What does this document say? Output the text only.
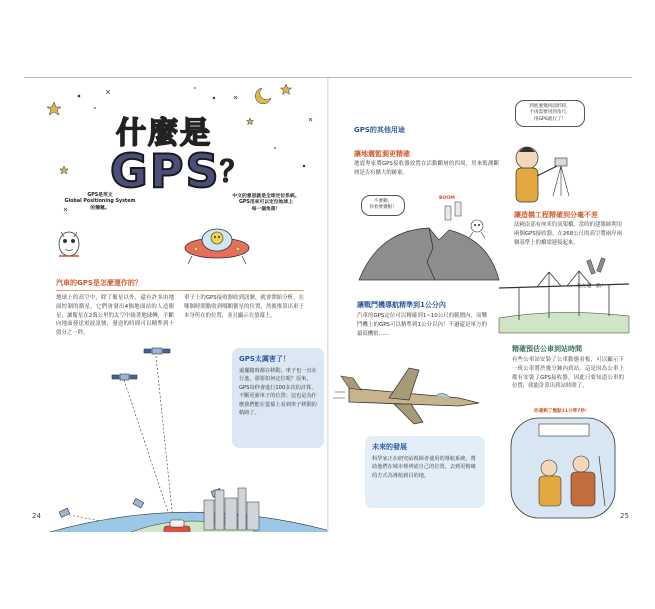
什麼是
GPS ？
GPS是英文
Global Positioning System
的簡稱。
中文的意思就是全球定位系統。
GPS用來可以定位地球上
每一個角落！
汽車的GPS是怎麼運作的？
地球上的高空中，除了衛星以外，還有許多由地面控制的衛星，它們會發出4個地面站的人造衛星，讓衛星在2萬公里的太空中繞著地球轉，不斷向地面發送電波訊號，發送的時間可以精準到十億分之一秒。
車子上的GPS接收器收到訊號，就會開始分析，在哪個時間點收到哪顆衛星的位置，然後推算出車子本身所在的位置，並且顯示在螢幕上。
GPS太厲害了！
還擺隨時都在移動，車子也一直在行進，那要如何定位呢？原來，GPS每秒會進行100多次的計算，不斷更新車子的位置；這也是為什麼我們能在螢幕上看到車子移動的軌跡了。
24
GPS的其他用途
到底要幾何面形時，
不再需要用到角尺，
用GPS就行了！
讓地震監測更精確
地震專家將GPS接收器放置在活動斷層的四周，用來監測斷層是否有擴大的跡象。
不要動，
你看要幾根！
BOOM
讓造橋工程精確到分毫不差
法國南部有座米約高架橋，當時的建築師利用兩個GPS接收器，在268公尺的高空將兩岸兩個基準上的橋梁連接起來。
往左邊一點！
讓戰鬥機導航精準到1公分內
汽車的GPS定位可以精確到1~10公尺的範圍內，而戰鬥機上的GPS可以精準到1公分以內！不過還是軍方的最高機密……
未來的發展
科學家正在研究給視障者使用的導航系統，幫助他們在城市裡辨認自己的位置，去到更精確的方式為導航到目的地。
精確預估公車到站時間
有些公車站安裝了公車動態看板，可以顯示下一班公車將於幾分鐘內到站。這是因為公車上都有安裝了GPS接收器，因此只要知道公車的位置，就能計算出到站時間了。
你還剩了幾點11分零7秒！
25
